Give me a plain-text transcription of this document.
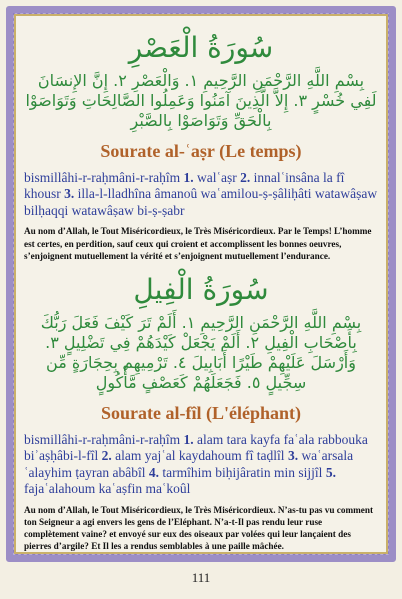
سُورَةُ الْعَصْرِ

بِسْمِ اللَّهِ الرَّحْمَنِ الرَّحِيمِ ١. وَالْعَصْرِ ٢. إِنَّ الإِنسَانَ لَفِي خُسْرٍ ٣. إِلاَّ الَّذِينَ آمَنُوا وَعَمِلُوا الصَّالِحَاتِ وَتَوَاصَوْا بِالْحَقِّ وَتَوَاصَوْا بِالصَّبْرِ

Sourate al-ʿaṣr (Le temps)

bismillâhi-r-raḥmâni-r-raḥîm 1. walʿaṣr 2. innalʿinsâna la fî khousr 3. illa-l-lladhîna âmanoû waʿamilou-ṣ-ṣâliḥâti watawâṣaw bilḥaqqi watawâṣaw bi-ṣ-ṣabr

Au nom d’Allah, le Tout Miséricordieux, le Très Miséricordieux. Par le Temps! L’homme est certes, en perdition, sauf ceux qui croient et accomplissent les bonnes oeuvres, s’enjoignent mutuellement la vérité et s’enjoignent mutuellement l’endurance.

سُورَةُ الْفِيلِ

بِسْمِ اللَّهِ الرَّحْمَنِ الرَّحِيمِ ١. أَلَمْ تَرَ كَيْفَ فَعَلَ رَبُّكَ بِأَصْحَابِ الْفِيلِ ٢. أَلَمْ يَجْعَلْ كَيْدَهُمْ فِي تَضْلِيلٍ ٣. وَأَرْسَلَ عَلَيْهِمْ طَيْرًا أَبَابِيلَ ٤. تَرْمِيهِم بِحِجَارَةٍ مِّن سِجِّيلٍ ٥. فَجَعَلَهُمْ كَعَصْفٍ مَّأْكُولٍ

Sourate al-fîl (L'éléphant)

bismillâhi-r-raḥmâni-r-raḥîm 1. alam tara kayfa faʿala rabbouka biʾaṣḥâbi-l-fîl 2. alam yajʿal kaydahoum fî taḍlîl 3. waʿarsala ʿalayhim ṭayran abâbîl 4. tarmîhim biḥijâratin min sijjîl 5. fajaʿalahoum kaʿaṣfin maʿkoûl

Au nom d’Allah, le Tout Miséricordieux, le Très Miséricordieux. N’as-tu pas vu comment ton Seigneur a agi envers les gens de l’Eléphant. N’a-t-Il pas rendu leur ruse complètement vaine? et envoyé sur eux des oiseaux par volées qui leur lançaient des pierres d’argile? Et Il les a rendus semblables à une paille mâchée.

111
